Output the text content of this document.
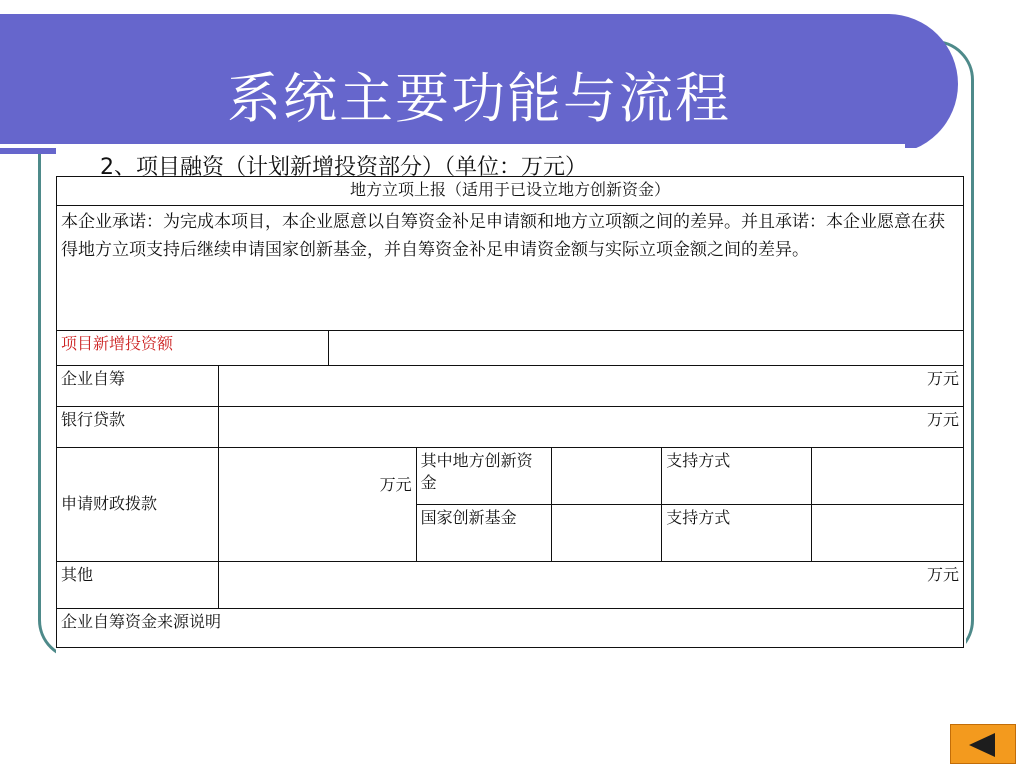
系统主要功能与流程
2、项目融资（计划新增投资部分）（单位：万元）
地方立项上报（适用于已设立地方创新资金）						
本企业承诺：为完成本项目，本企业愿意以自筹资金补足申请额和地方立项额之间的差异。并且承诺：本企业愿意在获得地方立项支持后继续申请国家创新基金，并自筹资金补足申请资金额与实际立项金额之间的差异。						
项目新增投资额						
企业自筹	万元					
银行贷款	万元					
申请财政拨款	万元		其中地方创新资金		支持方式	
			国家创新基金		支持方式	
其他	万元					
企业自筹资金来源说明						
